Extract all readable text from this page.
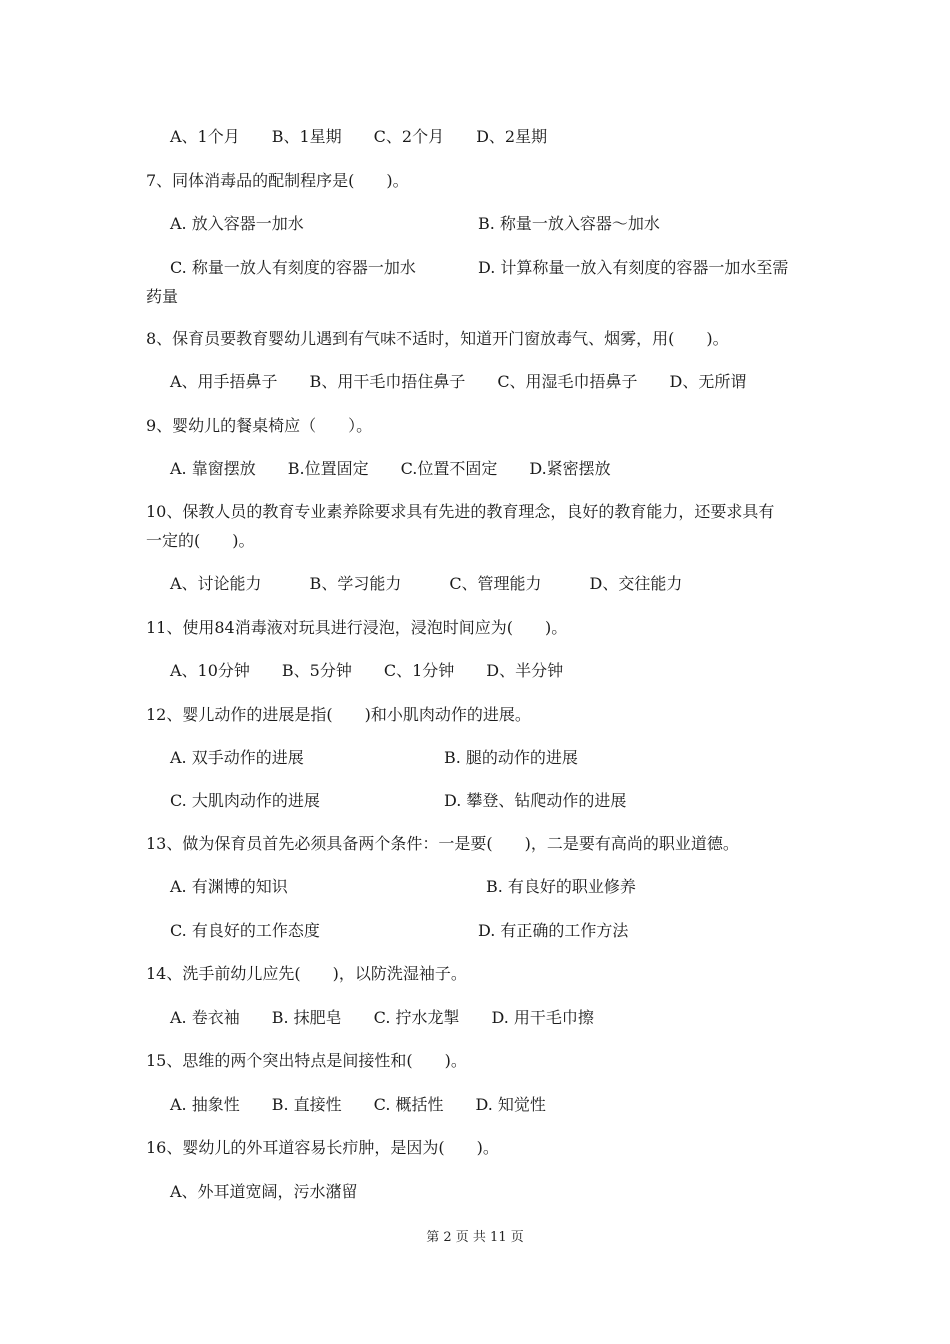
A、1个月　　B、1星期　　C、2个月　　D、2星期
7、同体消毒品的配制程序是(　　)。
A. 放入容器一加水	B. 称量一放入容器～加水
C. 称量一放人有刻度的容器一加水	D. 计算称量一放入有刻度的容器一加水至需
药量
8、保育员要教育婴幼儿遇到有气味不适时，知道开门窗放毒气、烟雾，用(　　)。
A、用手捂鼻子　　B、用干毛巾捂住鼻子　　C、用湿毛巾捂鼻子　　D、无所谓
9、婴幼儿的餐桌椅应（　　）。
A. 靠窗摆放　　B.位置固定　　C.位置不固定　　D.紧密摆放
10、保教人员的教育专业素养除要求具有先进的教育理念，良好的教育能力，还要求具有
一定的(　　)。
A、讨论能力　　　B、学习能力　　　C、管理能力　　　D、交往能力
11、使用84消毒液对玩具进行浸泡，浸泡时间应为(　　)。
A、10分钟　　B、5分钟　　C、1分钟　　D、半分钟
12、婴儿动作的进展是指(　　)和小肌肉动作的进展。
A. 双手动作的进展	B. 腿的动作的进展
C. 大肌肉动作的进展	D. 攀登、钻爬动作的进展
13、做为保育员首先必须具备两个条件：一是要(　　)，二是要有高尚的职业道德。
A. 有渊博的知识	B. 有良好的职业修养
C. 有良好的工作态度	D. 有正确的工作方法
14、洗手前幼儿应先(　　)，以防洗湿袖子。
A. 卷衣袖　　B. 抹肥皂　　C. 拧水龙掣　　D. 用干毛巾擦
15、思维的两个突出特点是间接性和(　　)。
A. 抽象性　　B. 直接性　　C. 概括性　　D. 知觉性
16、婴幼儿的外耳道容易长疖肿，是因为(　　)。
A、外耳道宽阔，污水潴留
第 2 页 共 11 页
